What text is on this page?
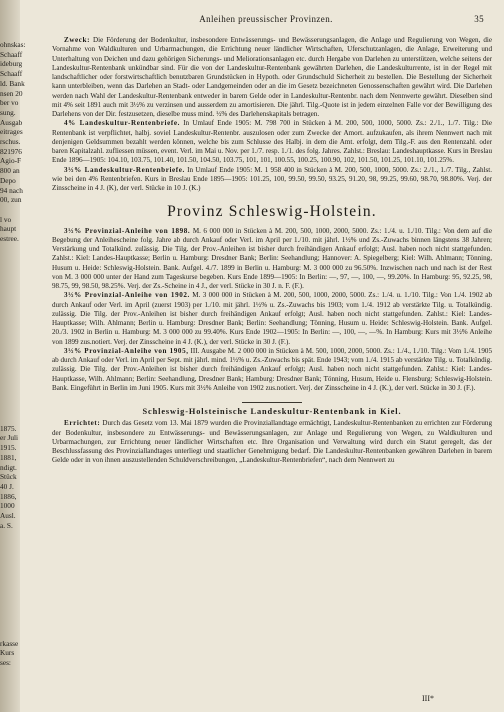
ohnskas:
Schaaff
ideburg
Schaaff
ld. Bank
nsen 20
ber vo
sung.
Ausgab
eitrages
rschus.
821976
Agio-F
800 an
Depo
94 nach
00, zun

l vo
haupt
estree.
1875.
er Juli
1915.
1881,
ndigt.
Stück
40 J.
1886,
1000
Ausl.
a. S.
rkasse
Kurs
ses:
Anleihen preussischer Provinzen.	35

Zweck: Die Förderung der Bodenkultur, insbesondere Entwässerungs- und Bewässerungsanlagen, die Anlage und Regulierung von Wegen, die Vornahme von Waldkulturen und Urbarmachungen, die Errichtung neuer ländlicher Wirtschaften, Uferschutzanlagen, die Anlage, Erweiterung und Unterhaltung von Deichen und dazu gehörigen Sicherungs- und Meliorationsanlagen etc. durch Hergabe von Darlehen zu unterstützen, welche seitens der Landeskultur-Rentenbank unkündbar sind. Für die von der Landeskultur-Rentenbank gewährten Darlehen, die Landeskulturrente, ist in der Regel mit landschaftlicher oder forstwirtschaftlich benutzbaren Grundstücken in Hypoth. oder Grundschuld Sicherheit zu bestellen. Die Bestellung der Sicherheit kann unterbleiben, wenn das Darlehen an Stadt- oder Landgemeinden oder an die im Gesetz bezeichneten Genossenschaften gewährt wird. Die Darlehen werden nach Wahl der Landeskultur-Rentenbank entweder in barem Gelde oder in Landeskultur-Rentenbr. nach dem Nennwerte gewährt. Dieselben sind mit 4% seit 1891 auch mit 3½% zu verzinsen und ausserdem zu amortisieren. Die jährl. Tilg.-Quote ist in jedem einzelnen Falle vor der Bewilligung des Darlehens von der Dir. festzusetzen, dieselbe muss mind. ½% des Darlehenskapitals betragen.

4% Landeskultur-Rentenbriefe. In Umlauf Ende 1905: M. 798 700 in Stücken à M. 200, 500, 1000, 5000. Zs.: 2./1., 1./7. Tilg.: Die Rentenbank ist verpflichtet, halbj. soviel Landeskultur-Rentenbr. auszulosen oder zum Zwecke der Amort. aufzukaufen, als ihrem Nennwert nach mit denjenigen Geldsummen bezahlt werden können, welche bis zum Schlusse des Halbj. in dem die Amt. erfolgt, dem Tilg.-F. aus den Rentenzahl. oder baren Kapitalzahl. zufliessen müssen, event. Verl. im Mai u. Nov. per 1./7. resp. 1./1. des folg. Jahres. Zahlst.: Breslau: Landeshauptkasse. Kurs in Breslau Ende 1896—1905: 104.10, 103.75, 101.40, 101.50, 104.50, 103.75, 101, 101, 100.55, 100.25, 100.90, 102, 101.50, 101.25, 101.10, 101.25%.

3½% Landeskultur-Rentenbriefe. In Umlauf Ende 1905: M. 1 958 400 in Stücken à M. 200, 500, 1000, 5000. Zs.: 2./1., 1./7. Tilg., Zahlst. wie bei den 4% Rentenbriefen. Kurs in Breslau Ende 1895—1905: 101.25, 100, 99.50, 99.50, 93.25, 91.20, 98, 99.25, 99.60, 98.70, 98.80%. Verj. der Zinsscheine in 4 J. (K), der verl. Stücke in 10 J. (K.)

Provinz Schleswig-Holstein.

3½% Provinzial-Anleihe von 1898. M. 6 000 000 in Stücken à M. 200, 500, 1000, 2000, 5000. Zs.: 1./4. u. 1./10. Tilg.: Von dem auf die Begebung der Anleihescheine folg. Jahre ab durch Ankauf oder Verl. im April per 1./10. mit jährl. 1½% und Zs.-Zuwachs binnen längstens 38 Jahren; Verstärkung und Totalkünd. zulässig. Die Tilg. der Prov.-Anleihen ist bisher durch freihändigen Ankauf erfolgt; Ausl. haben noch nicht stattgefunden. Zahlst.: Kiel: Landes-Hauptkasse; Berlin u. Hamburg: Dresdner Bank; Berlin: Seehandlung; Hannover: A. Spiegelberg; Kiel: Wilh. Ahlmann; Tönning, Husum u. Heide: Schleswig-Holstein. Bank. Aufgel. 4./7. 1899 in Berlin u. Hamburg: M. 3 000 000 zu 96.50%. Inzwischen nach und nach ist der Rest von M. 3 000 000 unter der Hand zum Tageskurse begeben. Kurs Ende 1899—1905: In Berlin: —, 97, —, 100, —, 99.20%. In Hamburg: 95, 92.25, 98, 98.75, 99, 98.50, 98.25%. Verj. der Zs.-Scheine in 4 J., der verl. Stücke in 30 J. n. F. (F.).

3½% Provinzial-Anleihe von 1902. M. 3 000 000 in Stücken à M. 200, 500, 1000, 2000, 5000. Zs.: 1./4. u. 1./10. Tilg.: Von 1./4. 1902 ab durch Ankauf oder Verl. im April (zuerst 1903) per 1./10. mit jährl. 1½% u. Zs.-Zuwachs bis 1903; vom 1./4. 1912 ab verstärkte Tilg. u. Totalkündig. zulässig. Die Tilg. der Prov.-Anleihen ist bisher durch freihändigen Ankauf erfolgt; Ausl. haben noch nicht stattgefunden. Zahlst.: Kiel: Landes-Hauptkasse; Wilh. Ahlmann; Berlin u. Hamburg: Dresdner Bank; Berlin: Seehandlung; Tönning, Husum u. Heide: Schleswig-Holstein. Bank. Aufgel. 20./3. 1902 in Berlin u. Hamburg: M. 3 000 000 zu 99.40%. Kurs Ende 1902—1905: In Berlin: —, 100, —, —%. In Hamburg: Kurs mit 3½% Anleihe von 1899 zus.notiert. Verj. der Zinsscheine in 4 J. (K.), der verl. Stücke in 30 J. (F.).

3½% Provinzial-Anleihe von 1905, III. Ausgabe M. 2 000 000 in Stücken à M. 500, 1000, 2000, 5000. Zs.: 1./4., 1./10. Tilg.: Vom 1./4. 1905 ab durch Ankauf oder Verl. im April per Sept. mit jährl. mind. 1½% u. Zs.-Zuwachs bis spät. Ende 1943; vom 1./4. 1915 ab verstärkte Tilg. u. Totalkündig. zulässig. Die Tilg. der Prov.-Anleihen ist bisher durch freihändigen Ankauf erfolgt; Ausl. haben noch nicht stattgefunden. Zahlst.: Kiel: Landes-Hauptkasse, Wilh. Ahlmann; Berlin: Seehandlung, Dresdner Bank; Hamburg: Dresdner Bank; Tönning, Husum, Heide u. Flensburg: Schleswig-Holstein. Bank. Eingeführt in Berlin im Juni 1905. Kurs mit 3½% Anleihe von 1902 zus.notiert. Verj. der Zinsscheine in 4 J. (K.), der verl. Stücke in 30 J. (F.).

Schleswig-Holsteinische Landeskultur-Rentenbank in Kiel.

Errichtet: Durch das Gesetz vom 13. Mai 1879 wurden die Provinziallandtage ermächtigt, Landeskultur-Rentenbanken zu errichten zur Förderung der Bodenkultur, insbesondere zu Entwässerungs- und Bewässerungsanlagen, zur Anlage und Regulierung von Wegen, zu Waldkulturen und Urbarmachungen, zur Errichtung neuer ländlicher Wirtschaften etc. Ihre Organisation und Verwaltung wird durch ein Statut geregelt, das der Beschlussfassung des Provinziallandtages unterliegt und staatlicher Genehmigung bedarf. Die Landeskultur-Rentenbanken gewähren Darlehen in barem Gelde oder in von ihnen auszustellenden Schuldverschreibungen, „Landeskultur-Rentenbriefen“, nach dem Nennwert zu

III*
